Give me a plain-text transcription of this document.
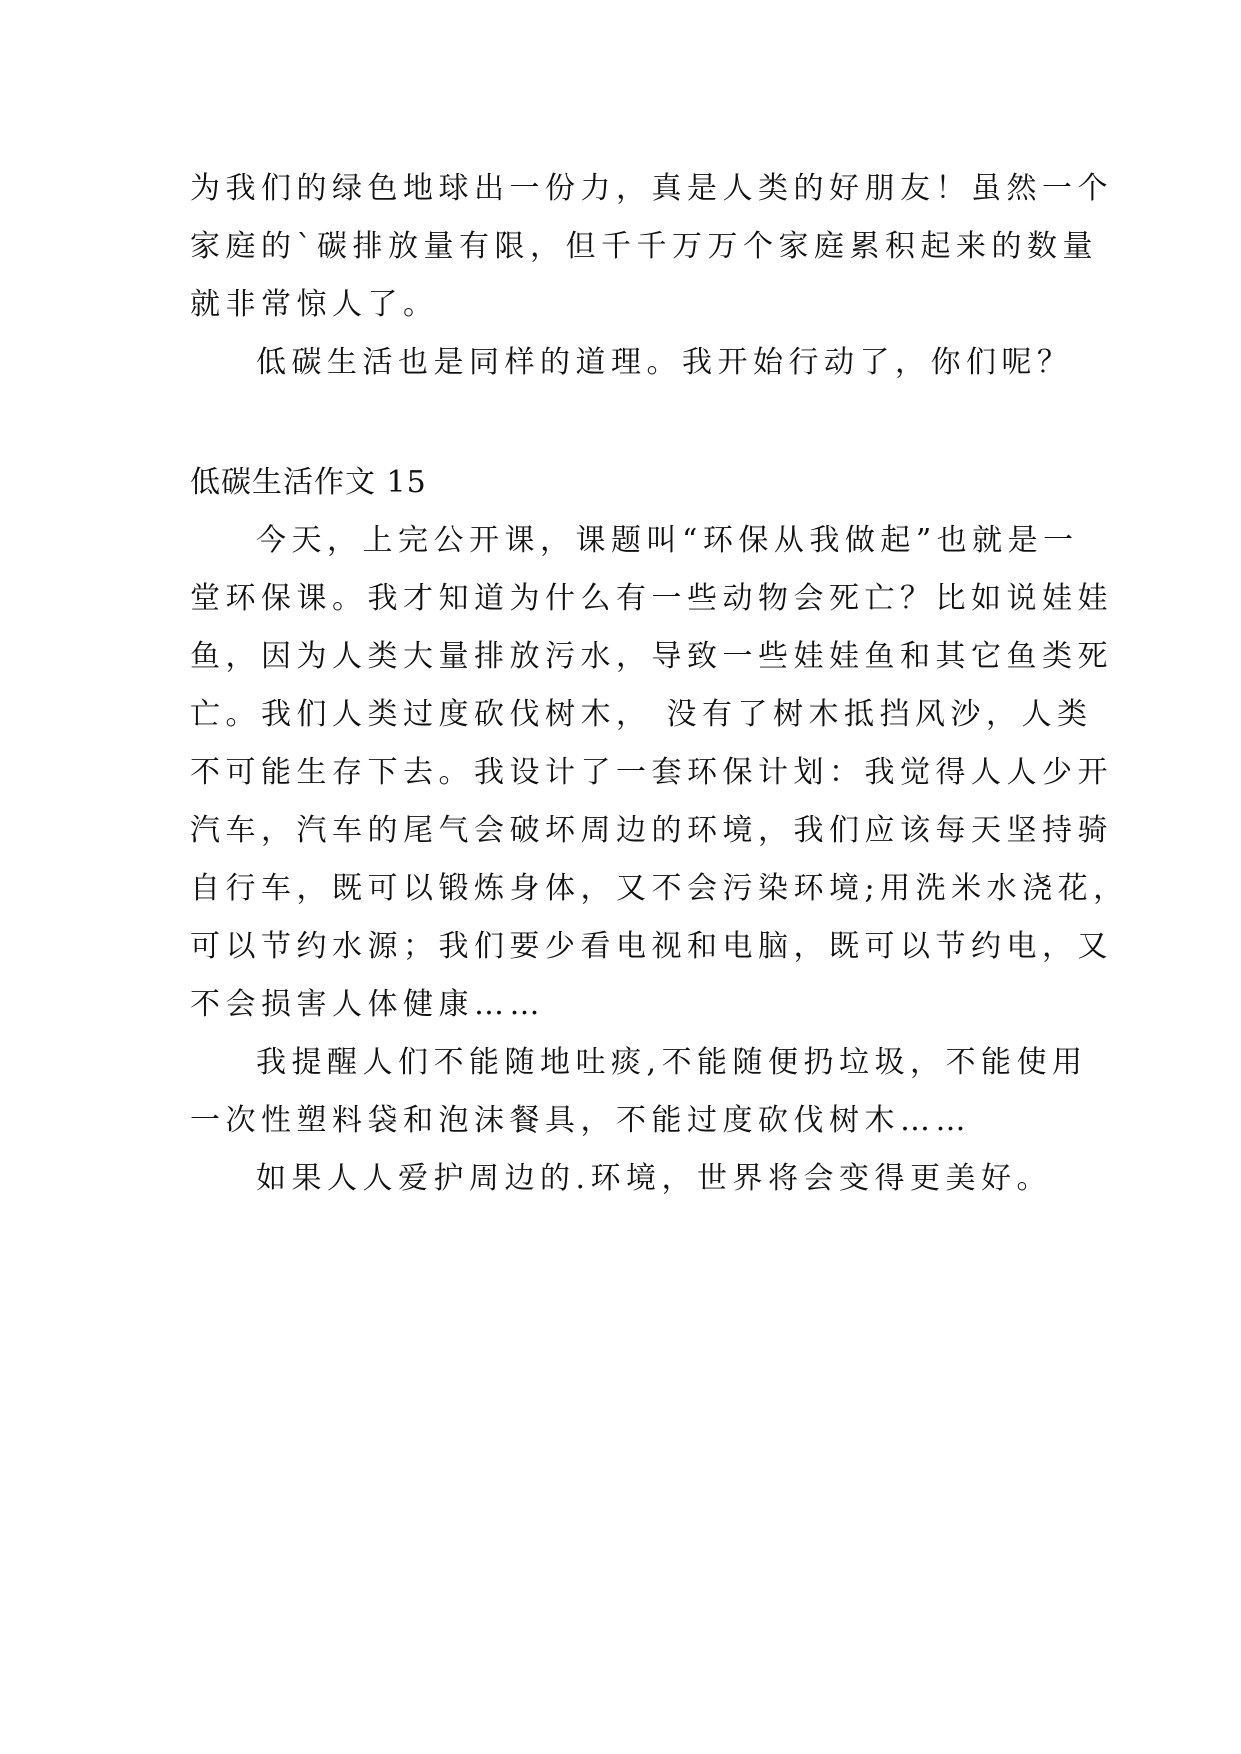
为我们的绿色地球出一份力，真是人类的好朋友！虽然一个
家庭的`碳排放量有限，但千千万万个家庭累积起来的数量
就非常惊人了。
低碳生活也是同样的道理。我开始行动了，你们呢？
低碳生活作文 15
今天，上完公开课，课题叫“环保从我做起”也就是一
堂环保课。我才知道为什么有一些动物会死亡？比如说娃娃
鱼，因为人类大量排放污水，导致一些娃娃鱼和其它鱼类死
亡。我们人类过度砍伐树木， 没有了树木抵挡风沙，人类
不可能生存下去。我设计了一套环保计划：我觉得人人少开
汽车，汽车的尾气会破坏周边的环境，我们应该每天坚持骑
自行车，既可以锻炼身体，又不会污染环境;用洗米水浇花，
可以节约水源；我们要少看电视和电脑，既可以节约电，又
不会损害人体健康……
我提醒人们不能随地吐痰,不能随便扔垃圾，不能使用
一次性塑料袋和泡沫餐具，不能过度砍伐树木……
如果人人爱护周边的.环境，世界将会变得更美好。
